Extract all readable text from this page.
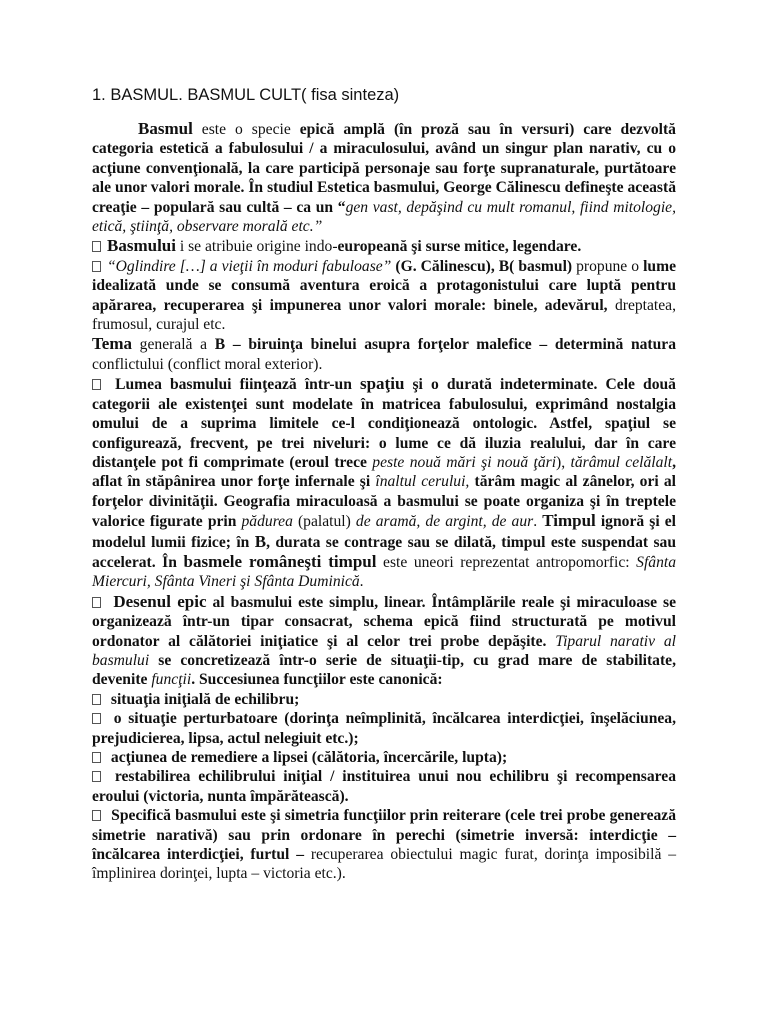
1. BASMUL. BASMUL CULT( fisa sinteza)

Basmul este o specie epică amplă (în proză sau în versuri) care dezvoltă categoria estetică a fabulosului / a miraculosului, având un singur plan narativ, cu o acţiune convenţională, la care participă personaje sau forţe supranaturale, purtătoare ale unor valori morale. În studiul Estetica basmului, George Călinescu defineşte această creaţie – populară sau cultă – ca un “gen vast, depăşind cu mult romanul, fiind mitologie, etică, ştiinţă, observare morală etc.”

Basmului i se atribuie origine indo-europeană şi surse mitice, legendare.

“Oglindire […] a vieţii în moduri fabuloase” (G. Călinescu), B( basmul) propune o lume idealizată unde se consumă aventura eroică a protagonistului care luptă pentru apărarea, recuperarea şi impunerea unor valori morale: binele, adevărul, dreptatea, frumosul, curajul etc.

Tema generală a B – biruinţa binelui asupra forţelor malefice – determină natura conflictului (conflict moral exterior).

Lumea basmului fiinţează într-un spaţiu şi o durată indeterminate. Cele două categorii ale existenţei sunt modelate în matricea fabulosului, exprimând nostalgia omului de a suprima limitele ce-l condiţionează ontologic. Astfel, spaţiul se configurează, frecvent, pe trei niveluri: o lume ce dă iluzia realului, dar în care distanţele pot fi comprimate (eroul trece peste nouă mări şi nouă ţări), tărâmul celălalt, aflat în stăpânirea unor forţe infernale şi înaltul cerului, tărâm magic al zânelor, ori al forţelor divinităţii. Geografia miraculoasă a basmului se poate organiza şi în treptele valorice figurate prin pădurea (palatul) de aramă, de argint, de aur. Timpul ignoră şi el modelul lumii fizice; în B, durata se contrage sau se dilată, timpul este suspendat sau accelerat. În basmele româneşti timpul este uneori reprezentat antropomorfic: Sfânta Miercuri, Sfânta Vineri şi Sfânta Duminică.

Desenul epic al basmului este simplu, linear. Întâmplările reale şi miraculoase se organizează într-un tipar consacrat, schema epică fiind structurată pe motivul ordonator al călătoriei iniţiatice şi al celor trei probe depăşite. Tiparul narativ al basmului se concretizează într-o serie de situaţii-tip, cu grad mare de stabilitate, devenite funcţii. Succesiunea funcţiilor este canonică:

situaţia iniţială de echilibru;

o situaţie perturbatoare (dorinţa neîmplinită, încălcarea interdicţiei, înşelăciunea, prejudicierea, lipsa, actul nelegiuit etc.);

acţiunea de remediere a lipsei (călătoria, încercările, lupta);

restabilirea echilibrului iniţial / instituirea unui nou echilibru şi recompensarea eroului (victoria, nunta împărătească).

Specifică basmului este şi simetria funcţiilor prin reiterare (cele trei probe generează simetrie narativă) sau prin ordonare în perechi (simetrie inversă: interdicţie – încălcarea interdicţiei, furtul – recuperarea obiectului magic furat, dorinţa imposibilă – împlinirea dorinţei, lupta – victoria etc.).
